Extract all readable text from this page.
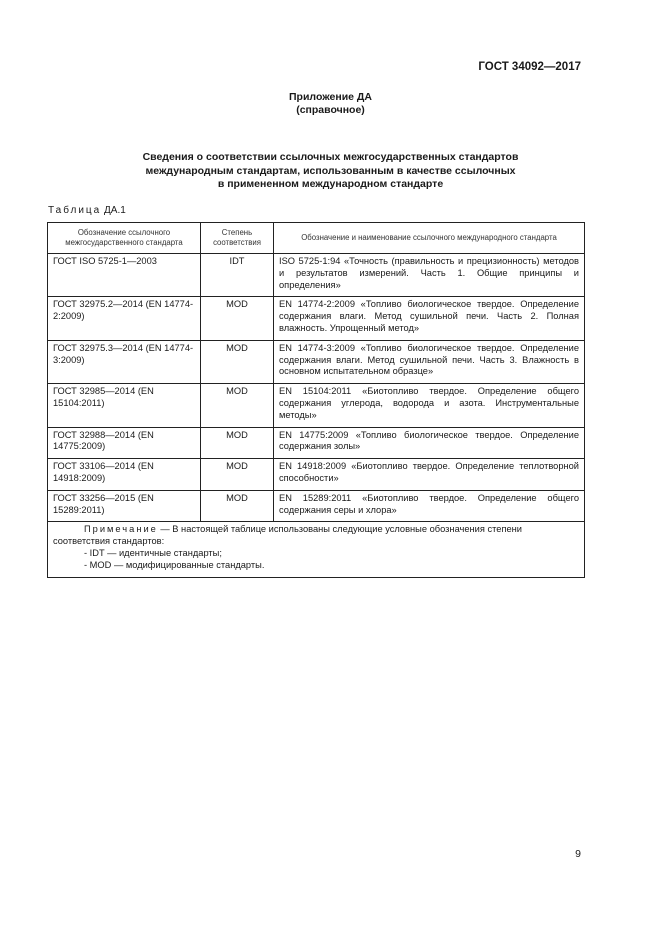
ГОСТ 34092—2017
Приложение ДА
(справочное)
Сведения о соответствии ссылочных межгосударственных стандартов
международным стандартам, использованным в качестве ссылочных
в примененном международном стандарте
Таблица ДА.1
Обозначение ссылочного межгосударственного стандарта	Степень соответствия	Обозначение и наименование ссылочного международного стандарта
ГОСТ ISO 5725-1—2003	IDT	ISO 5725-1:94 «Точность (правильность и прецизионность) методов и результатов измерений. Часть 1. Общие принципы и определения»
ГОСТ 32975.2—2014 (EN 14774-2:2009)	MOD	EN 14774-2:2009 «Топливо биологическое твердое. Определение содержания влаги. Метод сушильной печи. Часть 2. Полная влажность. Упрощенный метод»
ГОСТ 32975.3—2014 (EN 14774-3:2009)	MOD	EN 14774-3:2009 «Топливо биологическое твердое. Определение содержания влаги. Метод сушильной печи. Часть 3. Влажность в основном испытательном образце»
ГОСТ 32985—2014 (EN 15104:2011)	MOD	EN 15104:2011 «Биотопливо твердое. Определение общего содержания углерода, водорода и азота. Инструментальные методы»
ГОСТ 32988—2014 (EN 14775:2009)	MOD	EN 14775:2009 «Топливо биологическое твердое. Определение содержания золы»
ГОСТ 33106—2014 (EN 14918:2009)	MOD	EN 14918:2009 «Биотопливо твердое. Определение теплотворной способности»
ГОСТ 33256—2015 (EN 15289:2011)	MOD	EN 15289:2011 «Биотопливо твердое. Определение общего содержания серы и хлора»

Примечание — В настоящей таблице использованы следующие условные обозначения степени соответствия стандартов:
- IDT — идентичные стандарты;
- MOD — модифицированные стандарты.		
9
